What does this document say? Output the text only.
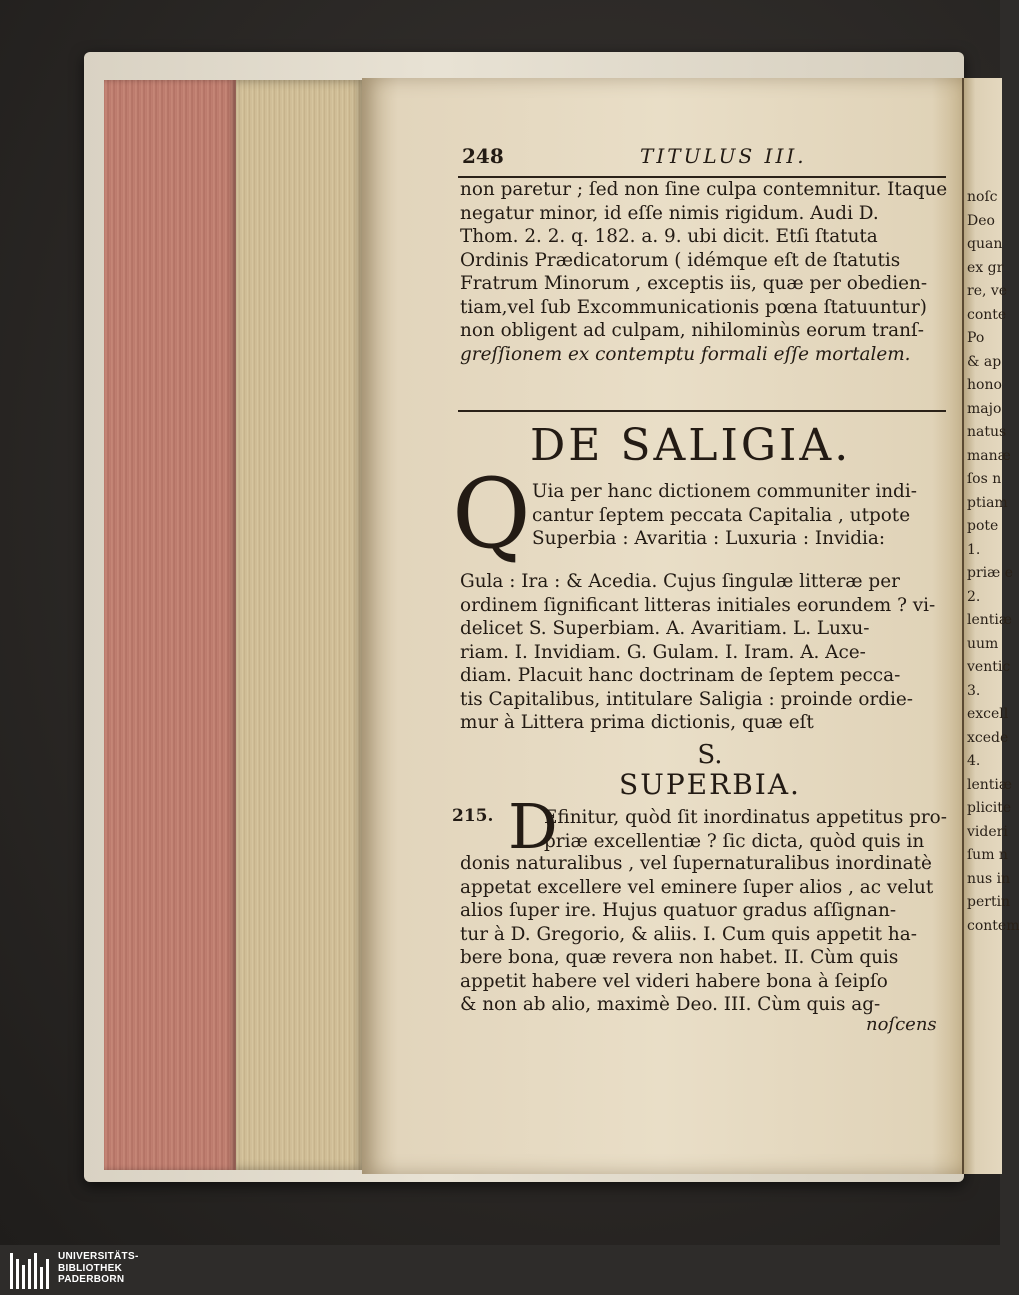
noſc
Deo
quan
ex gr
re, ve
conte
Po
& ap
hono
majo
natus
manæ
ſos n
ptiam
pote
1.
priæ e
2.
lentiæ
uum
ventic
3.
excell
xcede
4.
lentiæ
plicite
videri
ſum n
nus in
pertin
contem
248	TITULUS III.
non paretur ; ſed non ſine culpa contemnitur. Itaque
negatur minor, id eſſe nimis rigidum. Audi D.
Thom. 2. 2. q. 182. a. 9. ubi dicit. Etſi ſtatuta
Ordinis Prædicatorum ( idémque eſt de ſtatutis
Fratrum Minorum , exceptis iis, quæ per obedien-
tiam,vel ſub Excommunicationis pœna ſtatuuntur)
non obligent ad culpam, nihilominùs eorum tranſ-
greſſionem ex contemptu formali eſſe mortalem.
DE SALIGIA.
Q Uia per hanc dictionem communiter indi-
cantur ſeptem peccata Capitalia , utpote
Superbia : Avaritia : Luxuria : Invidia:
Gula : Ira : & Acedia. Cujus ſingulæ litteræ per
ordinem ſignificant litteras initiales eorundem ? vi-
delicet S. Superbiam. A. Avaritiam. L. Luxu-
riam. I. Invidiam. G. Gulam. I. Iram. A. Ace-
diam. Placuit hanc doctrinam de ſeptem pecca-
tis Capitalibus, intitulare Saligia : proinde ordie-
mur à Littera prima dictionis, quæ eſt
S.
SUPERBIA.
215. D
Efinitur, quòd ſit inordinatus appetitus pro-
priæ excellentiæ ? ſic dicta, quòd quis in
donis naturalibus , vel ſupernaturalibus inordinatè
appetat excellere vel eminere ſuper alios , ac velut
alios ſuper ire. Hujus quatuor gradus aſſignan-
tur à D. Gregorio, & aliis. I. Cum quis appetit ha-
bere bona, quæ revera non habet. II. Cùm quis
appetit habere vel videri habere bona à ſeipſo
& non ab alio, maximè Deo. III. Cùm quis ag-
noſcens
UNIVERSITÄTS-
BIBLIOTHEK
PADERBORN
